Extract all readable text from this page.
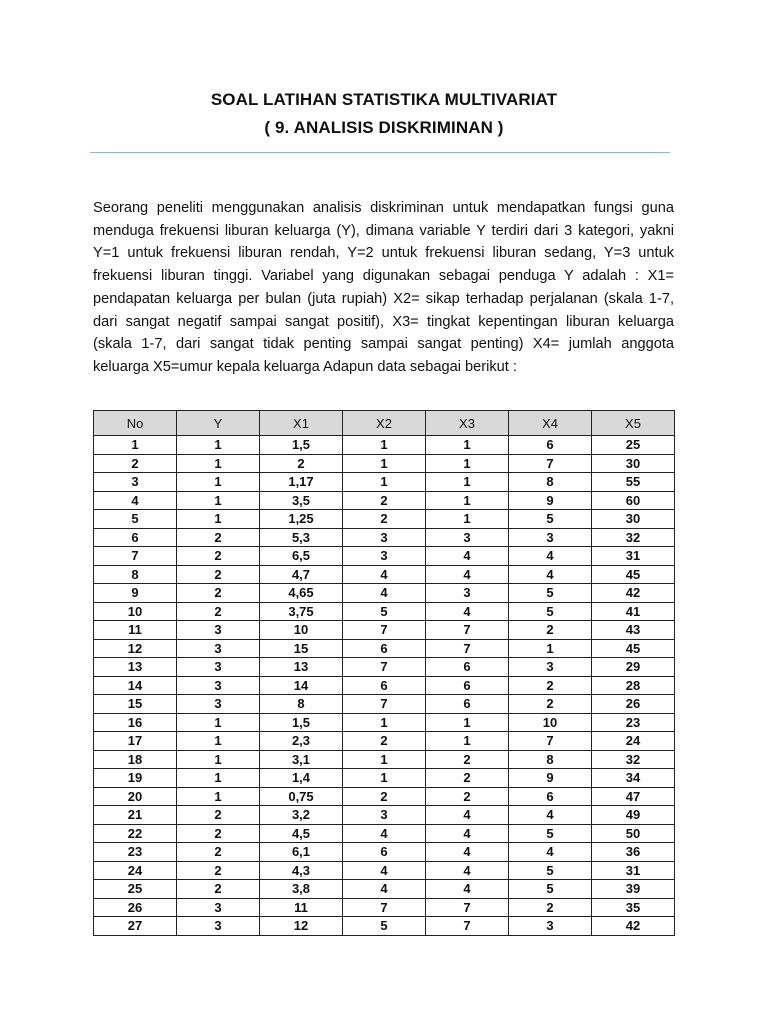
SOAL LATIHAN STATISTIKA MULTIVARIAT
( 9. ANALISIS DISKRIMINAN )
Seorang peneliti menggunakan analisis diskriminan untuk mendapatkan fungsi guna menduga frekuensi liburan keluarga (Y), dimana variable Y terdiri dari 3 kategori, yakni Y=1 untuk frekuensi liburan rendah, Y=2 untuk frekuensi liburan sedang, Y=3 untuk frekuensi liburan tinggi. Variabel yang digunakan sebagai penduga Y adalah : X1= pendapatan keluarga per bulan (juta rupiah) X2= sikap terhadap perjalanan (skala 1-7, dari sangat negatif sampai sangat positif), X3= tingkat kepentingan liburan keluarga (skala 1-7, dari sangat tidak penting sampai sangat penting) X4= jumlah anggota keluarga X5=umur kepala keluarga Adapun data sebagai berikut :
No	Y	X1	X2	X3	X4	X5
1	1	1,5	1	1	6	25
2	1	2	1	1	7	30
3	1	1,17	1	1	8	55
4	1	3,5	2	1	9	60
5	1	1,25	2	1	5	30
6	2	5,3	3	3	3	32
7	2	6,5	3	4	4	31
8	2	4,7	4	4	4	45
9	2	4,65	4	3	5	42
10	2	3,75	5	4	5	41
11	3	10	7	7	2	43
12	3	15	6	7	1	45
13	3	13	7	6	3	29
14	3	14	6	6	2	28
15	3	8	7	6	2	26
16	1	1,5	1	1	10	23
17	1	2,3	2	1	7	24
18	1	3,1	1	2	8	32
19	1	1,4	1	2	9	34
20	1	0,75	2	2	6	47
21	2	3,2	3	4	4	49
22	2	4,5	4	4	5	50
23	2	6,1	6	4	4	36
24	2	4,3	4	4	5	31
25	2	3,8	4	4	5	39
26	3	11	7	7	2	35
27	3	12	5	7	3	42
